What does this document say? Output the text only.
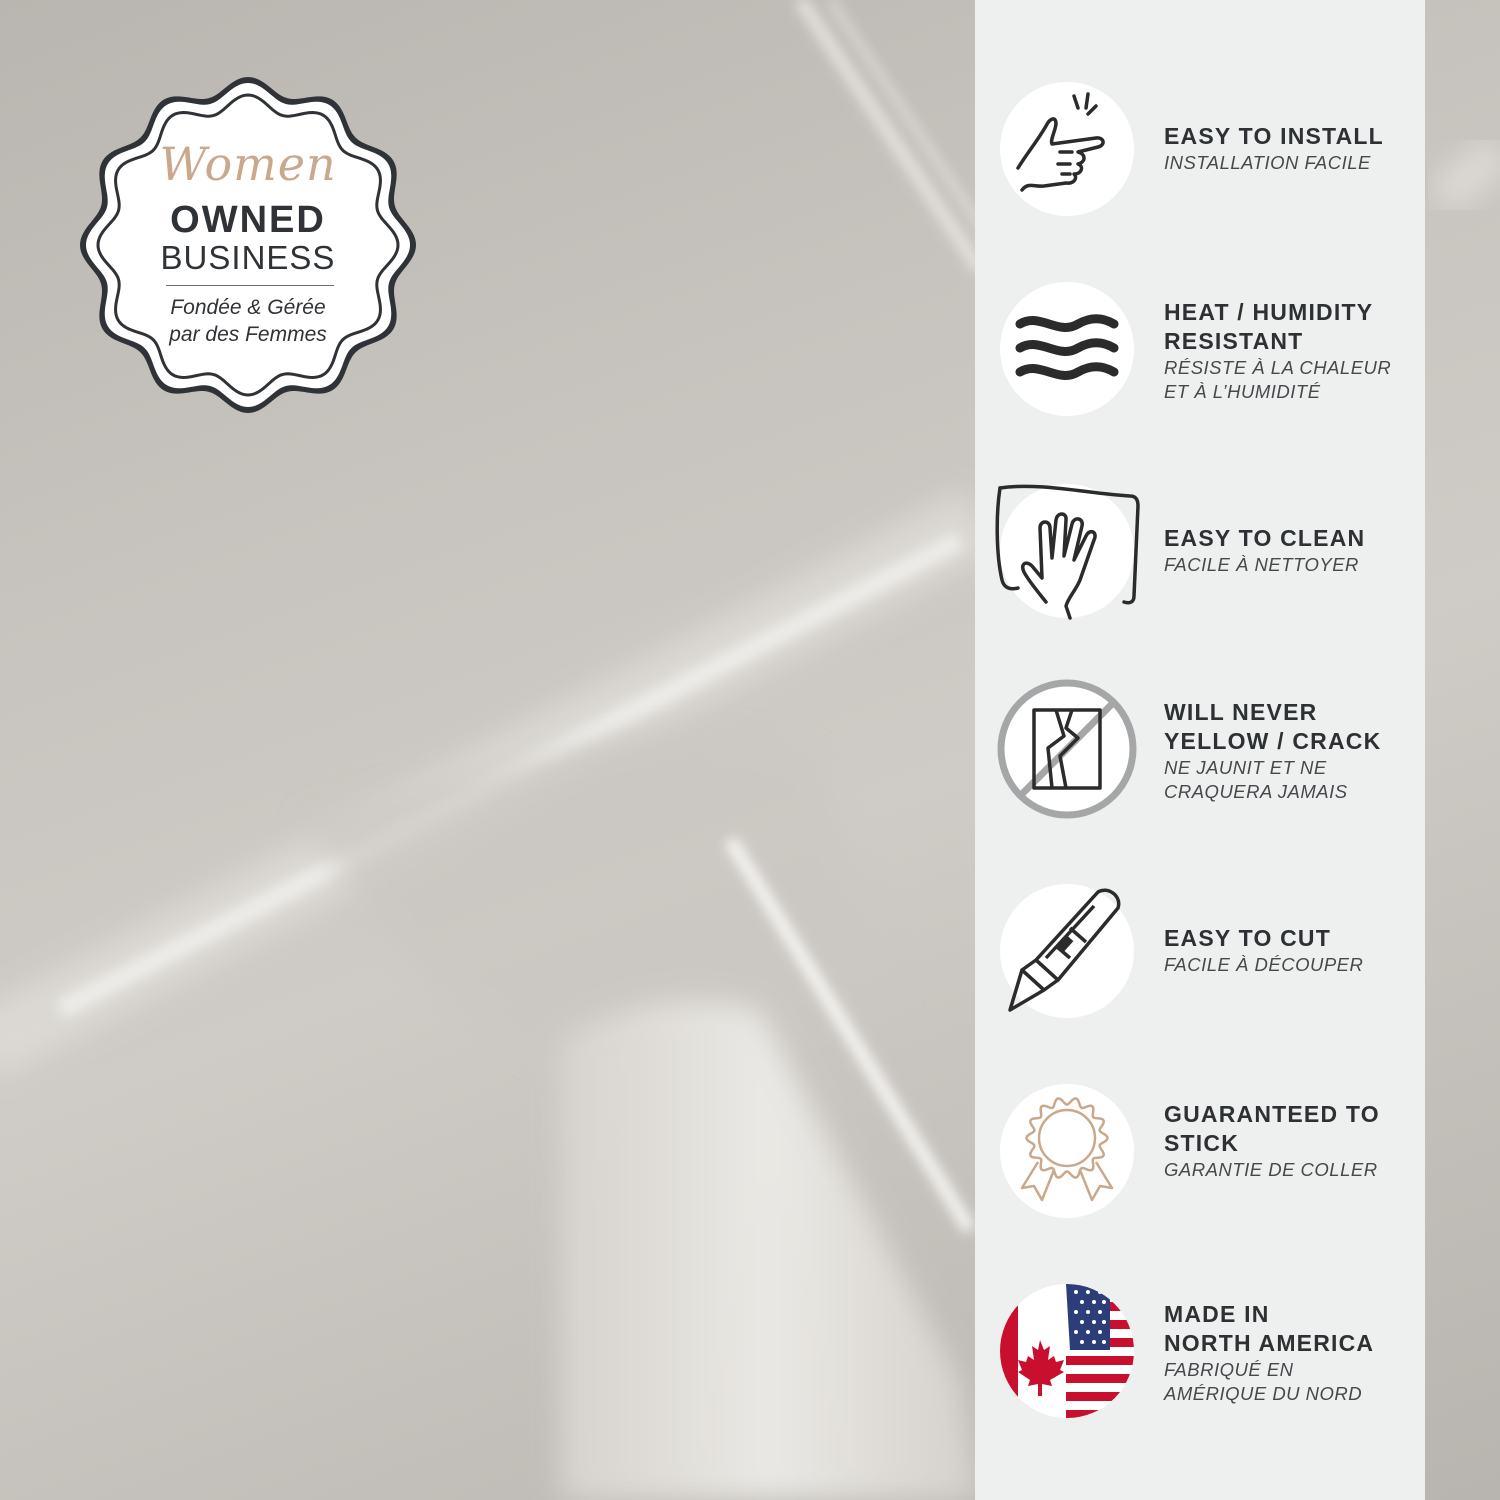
Women
OWNED
BUSINESS
Fondée & Gérée
par des Femmes
EASY TO INSTALL
INSTALLATION FACILE
HEAT / HUMIDITY
RESISTANT
RÉSISTE À LA CHALEUR
ET À L’HUMIDITÉ
EASY TO CLEAN
FACILE À NETTOYER
WILL NEVER
YELLOW / CRACK
NE JAUNIT ET NE
CRAQUERA JAMAIS
EASY TO CUT
FACILE À DÉCOUPER
GUARANTEED TO
STICK
GARANTIE DE COLLER
MADE IN
NORTH AMERICA
FABRIQUÉ EN
AMÉRIQUE DU NORD
